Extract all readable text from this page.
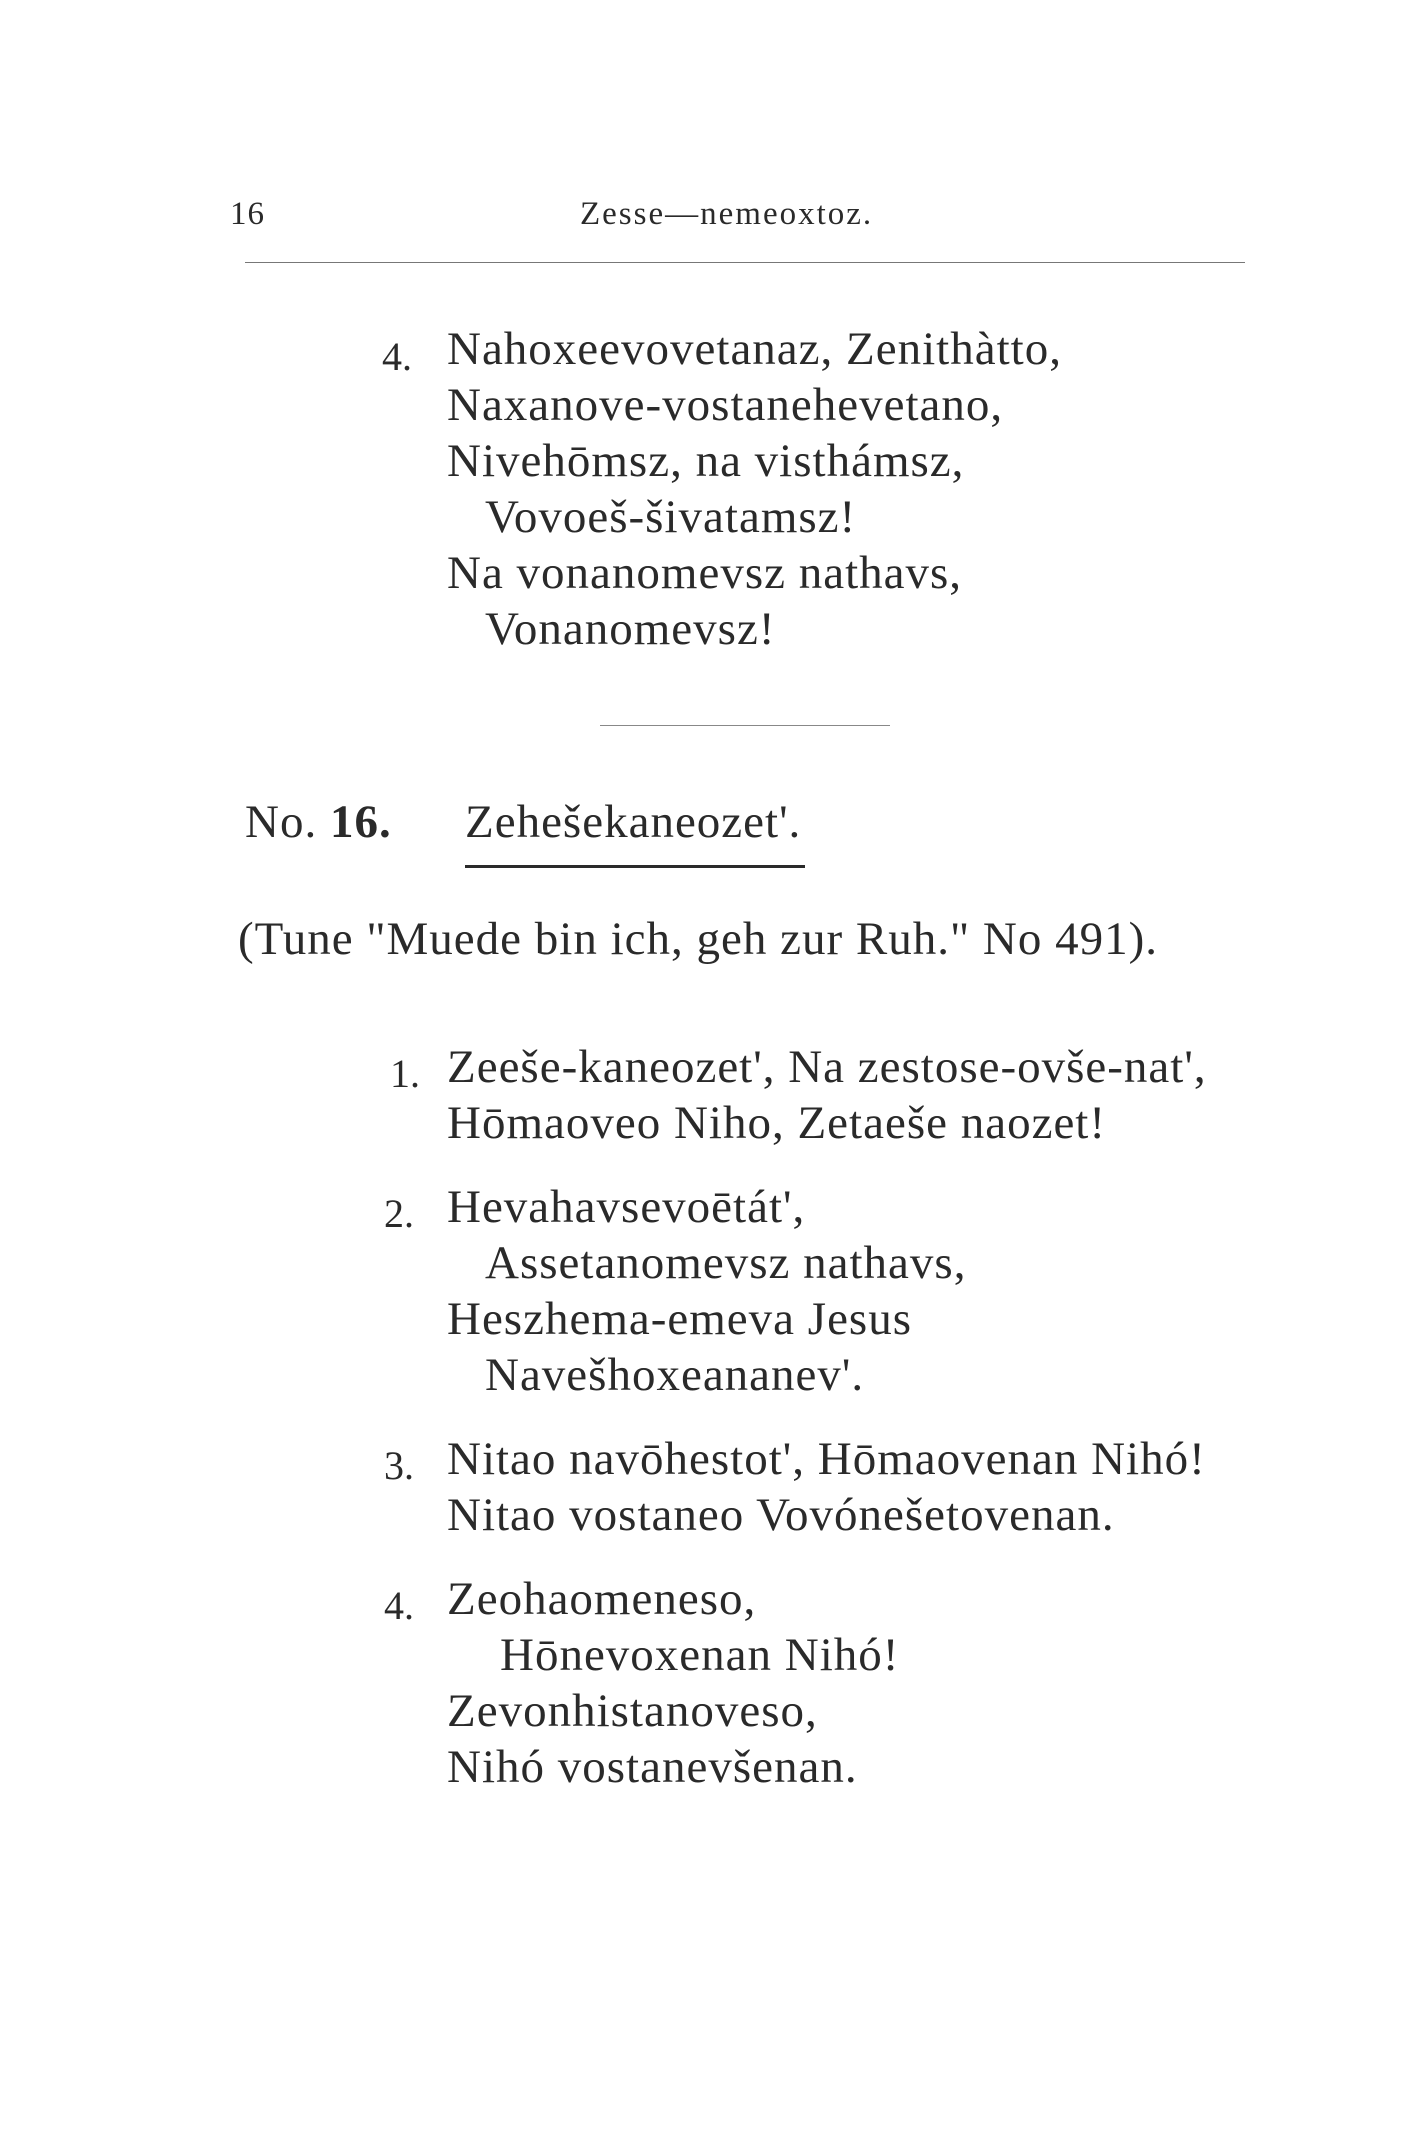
16	Zesse—nemeoxtoz.
4. Nahoxeevovetanaz, Zenithàtto,
Naxanove-vostanehevetano,
Nivehōmsz, na visthámsz,
Vovoeš-šivatamsz!
Na vonanomevsz nathavs,
Vonanomevsz!
No. 16. Zehešekaneozet'.
(Tune "Muede bin ich, geh zur Ruh." No 491).
1. Zeeše-kaneozet', Na zestose-ovše-nat',
Hōmaoveo Niho, Zetaeše naozet!
2. Hevahavsevoētát',
Assetanomevsz nathavs,
Heszhema-emeva Jesus
Navešhoxeananev'.
3. Nitao navōhestot', Hōmaovenan Nihó!
Nitao vostaneo Vovónešetovenan.
4. Zeohaomeneso,
Hōnevoxenan Nihó!
Zevonhistanoveso,
Nihó vostanevšenan.
